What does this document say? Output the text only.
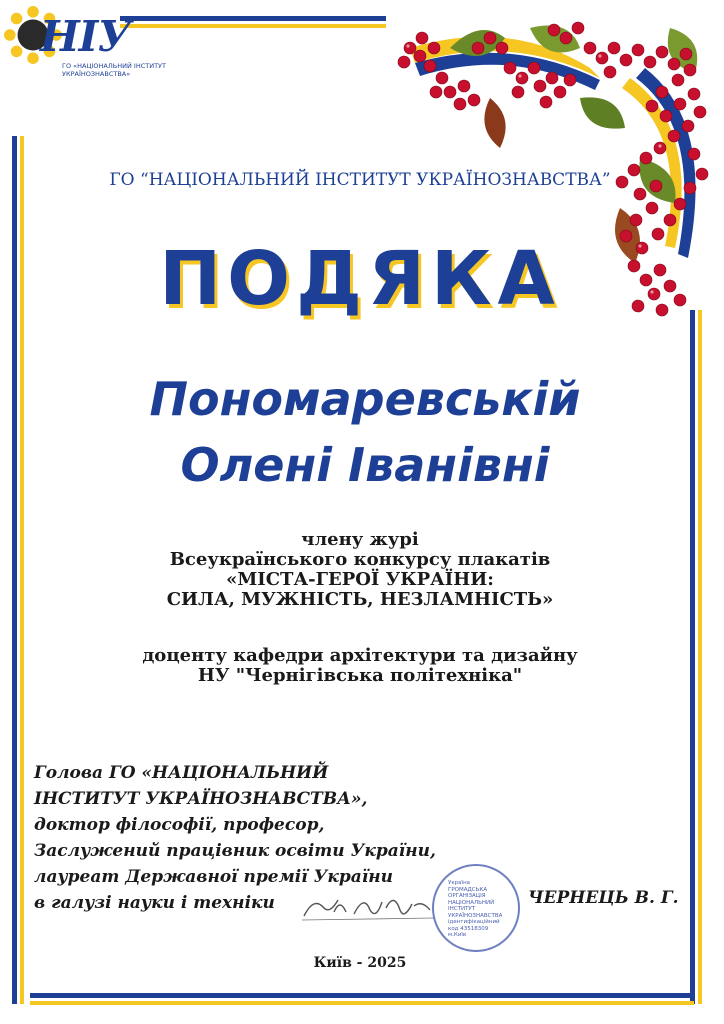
НІУ
ГО «НАЦІОНАЛЬНИЙ ІНСТИТУТ УКРАЇНОЗНАВСТВА»
ГО “НАЦІОНАЛЬНИЙ ІНСТИТУТ УКРАЇНОЗНАВСТВА”
ПОДЯКА
Пономаревській
Олені Іванівні
члену журі
Всеукраїнського конкурсу плакатів
«МІСТА-ГЕРОЇ УКРАЇНИ:
СИЛА, МУЖНІСТЬ, НЕЗЛАМНІСТЬ»
доценту кафедри архітектури та дизайну
НУ "Чернігівська політехніка"
Голова ГО «НАЦІОНАЛЬНИЙ
ІНСТИТУТ УКРАЇНОЗНАВСТВА»,
доктор філософії, професор,
Заслужений працівник освіти України,
лауреат Державної премії України
в галузі науки і техніки
Україна ГРОМАДСЬКА ОРГАНІЗАЦІЯ НАЦІОНАЛЬНИЙ ІНСТИТУТ УКРАЇНОЗНАВСТВА ідентифікаційний код 43518309 м.Київ
ЧЕРНЕЦЬ В. Г.
Київ - 2025
